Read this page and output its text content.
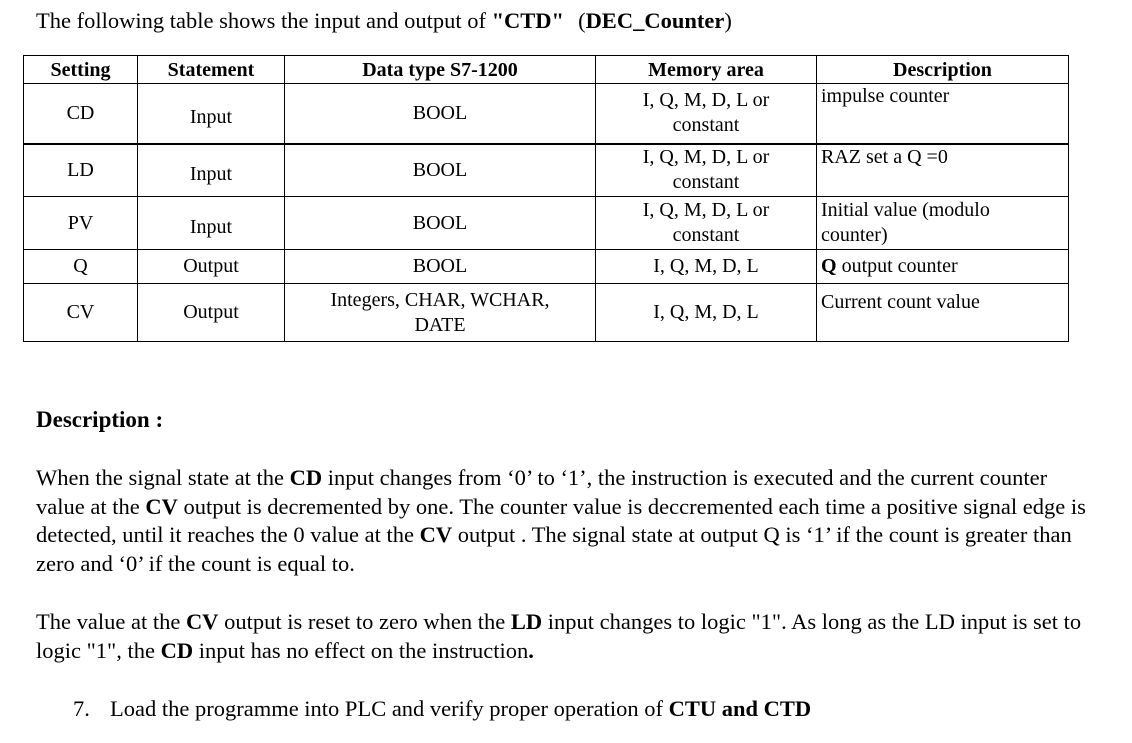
The following table shows the input and output of "CTD" (DEC_Counter)
Setting	Statement	Data type S7-1200	Memory area	Description
CD	Input	BOOL	I, Q, M, D, L or constant	impulse counter
LD	Input	BOOL	I, Q, M, D, L or constant	RAZ set a Q =0
PV	Input	BOOL	I, Q, M, D, L or constant	Initial value (modulo counter)
Q	Output	BOOL	I, Q, M, D, L	Q output counter
CV	Output	Integers, CHAR, WCHAR, DATE	I, Q, M, D, L	Current count value
Description :
When the signal state at the CD input changes from ‘0’ to ‘1’, the instruction is executed and the current counter value at the CV output is decremented by one. The counter value is deccremented each time a positive signal edge is detected, until it reaches the 0 value at the CV output . The signal state at output Q is ‘1’ if the count is greater than zero and ‘0’ if the count is equal to.
The value at the CV output is reset to zero when the LD input changes to logic "1". As long as the LD input is set to logic "1", the CD input has no effect on the instruction.
7. Load the programme into PLC and verify proper operation of CTU and CTD
